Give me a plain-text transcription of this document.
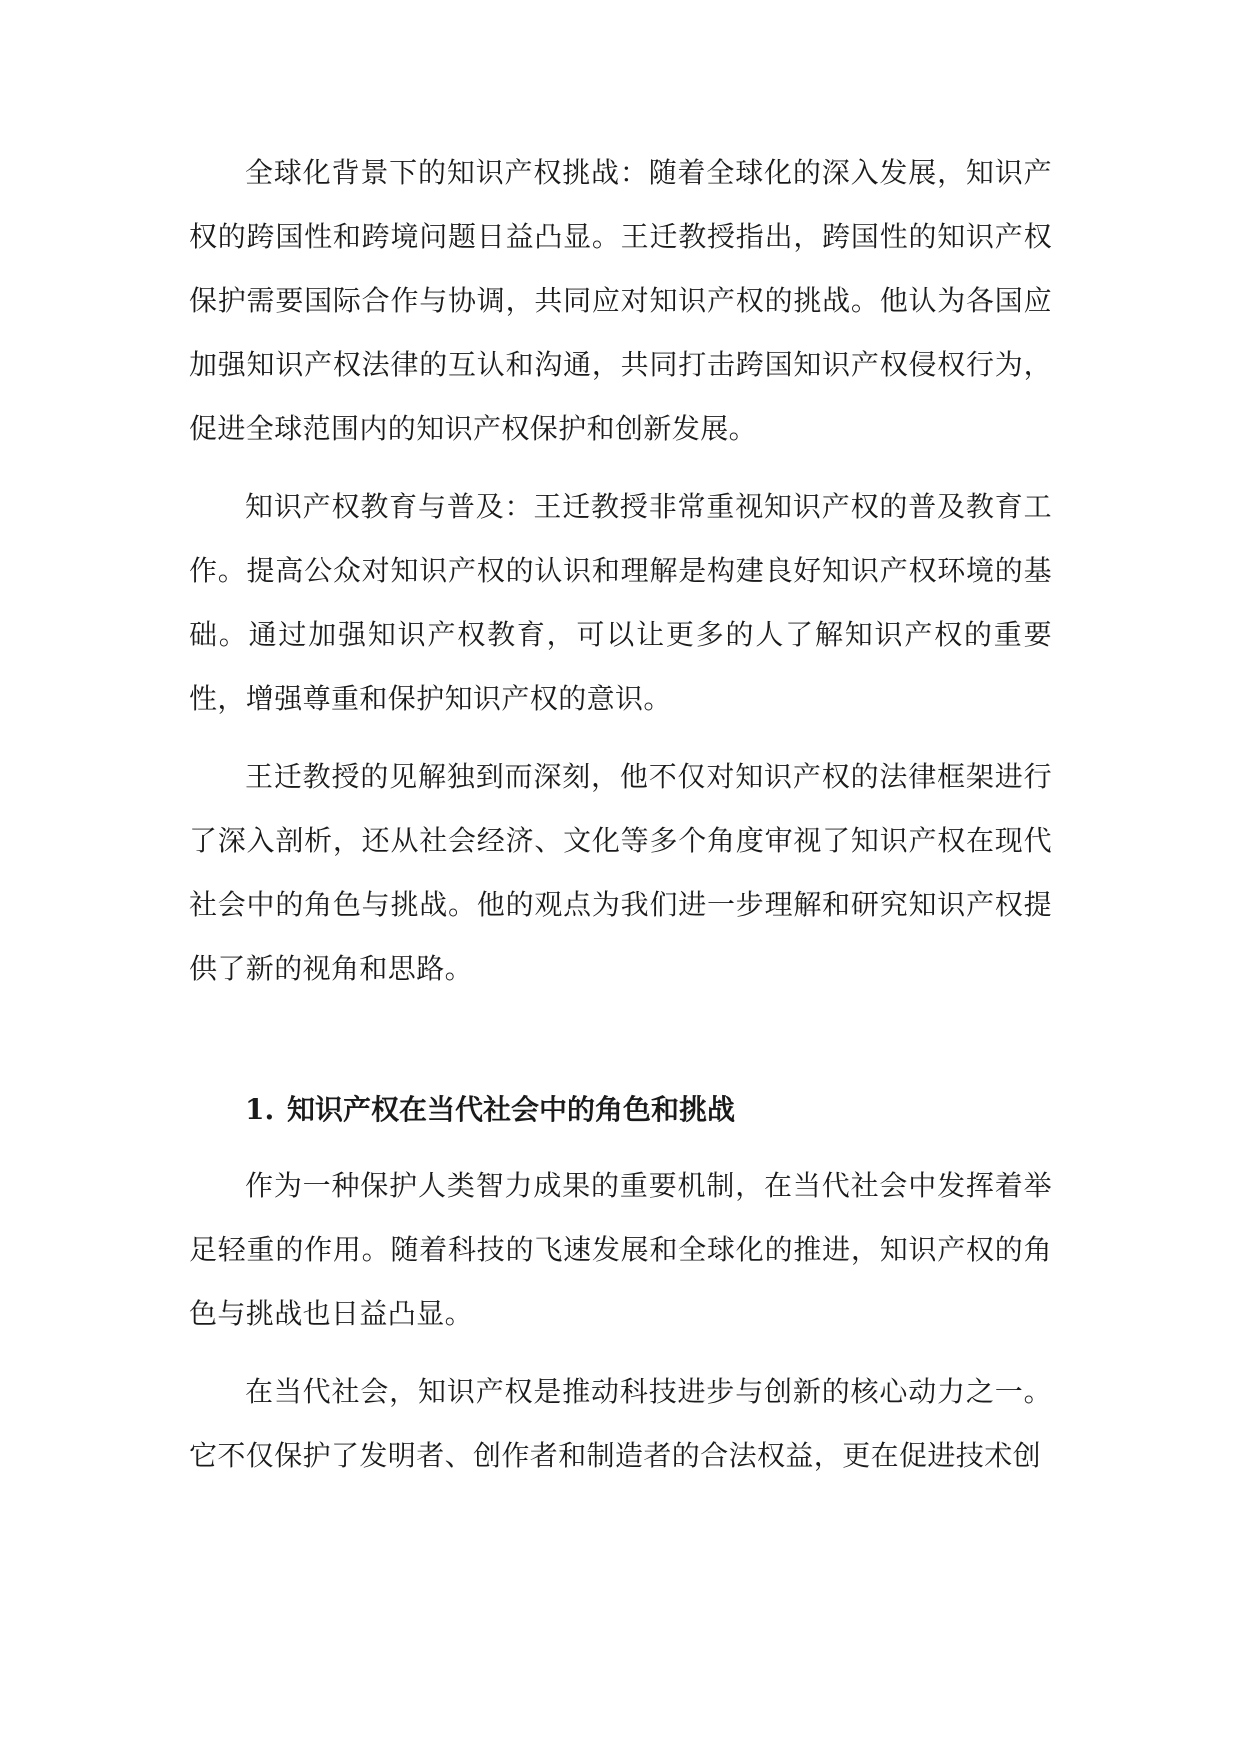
全球化背景下的知识产权挑战：随着全球化的深入发展，知识产权的跨国性和跨境问题日益凸显。王迁教授指出，跨国性的知识产权保护需要国际合作与协调，共同应对知识产权的挑战。他认为各国应加强知识产权法律的互认和沟通，共同打击跨国知识产权侵权行为，促进全球范围内的知识产权保护和创新发展。

知识产权教育与普及：王迁教授非常重视知识产权的普及教育工作。提高公众对知识产权的认识和理解是构建良好知识产权环境的基础。通过加强知识产权教育，可以让更多的人了解知识产权的重要性，增强尊重和保护知识产权的意识。

王迁教授的见解独到而深刻，他不仅对知识产权的法律框架进行了深入剖析，还从社会经济、文化等多个角度审视了知识产权在现代社会中的角色与挑战。他的观点为我们进一步理解和研究知识产权提供了新的视角和思路。

1. 知识产权在当代社会中的角色和挑战

作为一种保护人类智力成果的重要机制，在当代社会中发挥着举足轻重的作用。随着科技的飞速发展和全球化的推进，知识产权的角色与挑战也日益凸显。

在当代社会，知识产权是推动科技进步与创新的核心动力之一。它不仅保护了发明者、创作者和制造者的合法权益，更在促进技术创
